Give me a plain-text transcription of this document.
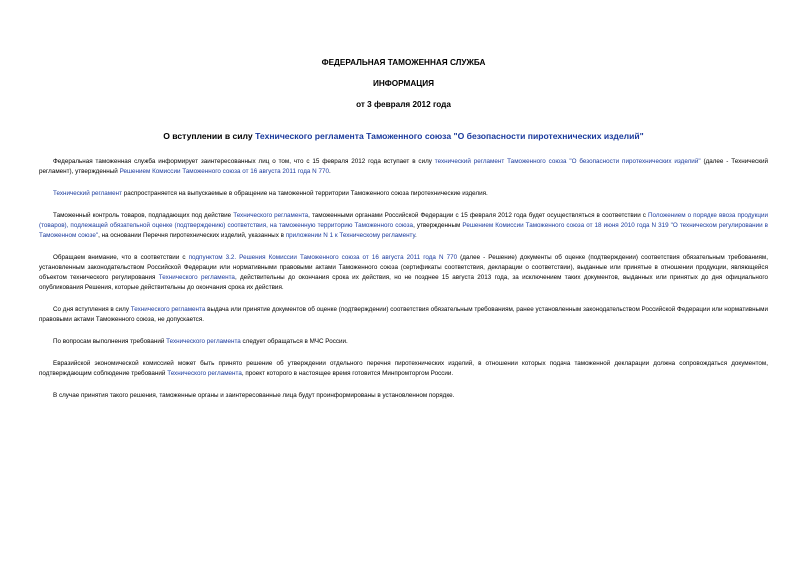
ФЕДЕРАЛЬНАЯ ТАМОЖЕННАЯ СЛУЖБА
ИНФОРМАЦИЯ
от 3 февраля 2012 года
О вступлении в силу Технического регламента Таможенного союза "О безопасности пиротехнических изделий"

Федеральная таможенная служба информирует заинтересованных лиц о том, что с 15 февраля 2012 года вступает в силу технический регламент Таможенного союза "О безопасности пиротехнических изделий" (далее - Технический регламент), утвержденный Решением Комиссии Таможенного союза от 16 августа 2011 года N 770.

Технический регламент распространяется на выпускаемые в обращение на таможенной территории Таможенного союза пиротехнические изделия.

Таможенный контроль товаров, подпадающих под действие Технического регламента, таможенными органами Российской Федерации с 15 февраля 2012 года будет осуществляться в соответствии с Положением о порядке ввоза продукции (товаров), подлежащей обязательной оценке (подтверждению) соответствия, на таможенную территорию Таможенного союза, утвержденным Решением Комиссии Таможенного союза от 18 июня 2010 года N 319 "О техническом регулировании в Таможенном союзе", на основании Перечня пиротехнических изделий, указанных в приложении N 1 к Техническому регламенту.

Обращаем внимание, что в соответствии с подпунктом 3.2. Решения Комиссии Таможенного союза от 16 августа 2011 года N 770 (далее - Решение) документы об оценке (подтверждении) соответствия обязательным требованиям, установленным законодательством Российской Федерации или нормативными правовыми актами Таможенного союза (сертификаты соответствия, декларации о соответствии), выданные или принятые в отношении продукции, являющейся объектом технического регулирования Технического регламента, действительны до окончания срока их действия, но не позднее 15 августа 2013 года, за исключением таких документов, выданных или принятых до дня официального опубликования Решения, которые действительны до окончания срока их действия.

Со дня вступления в силу Технического регламента выдача или принятие документов об оценке (подтверждении) соответствия обязательным требованиям, ранее установленным законодательством Российской Федерации или нормативными правовыми актами Таможенного союза, не допускается.

По вопросам выполнения требований Технического регламента следует обращаться в МЧС России.

Евразийской экономической комиссией может быть принято решение об утверждении отдельного перечня пиротехнических изделий, в отношении которых подача таможенной декларации должна сопровождаться документом, подтверждающим соблюдение требований Технического регламента, проект которого в настоящее время готовится Минпромторгом России.

В случае принятия такого решения, таможенные органы и заинтересованные лица будут проинформированы в установленном порядке.
